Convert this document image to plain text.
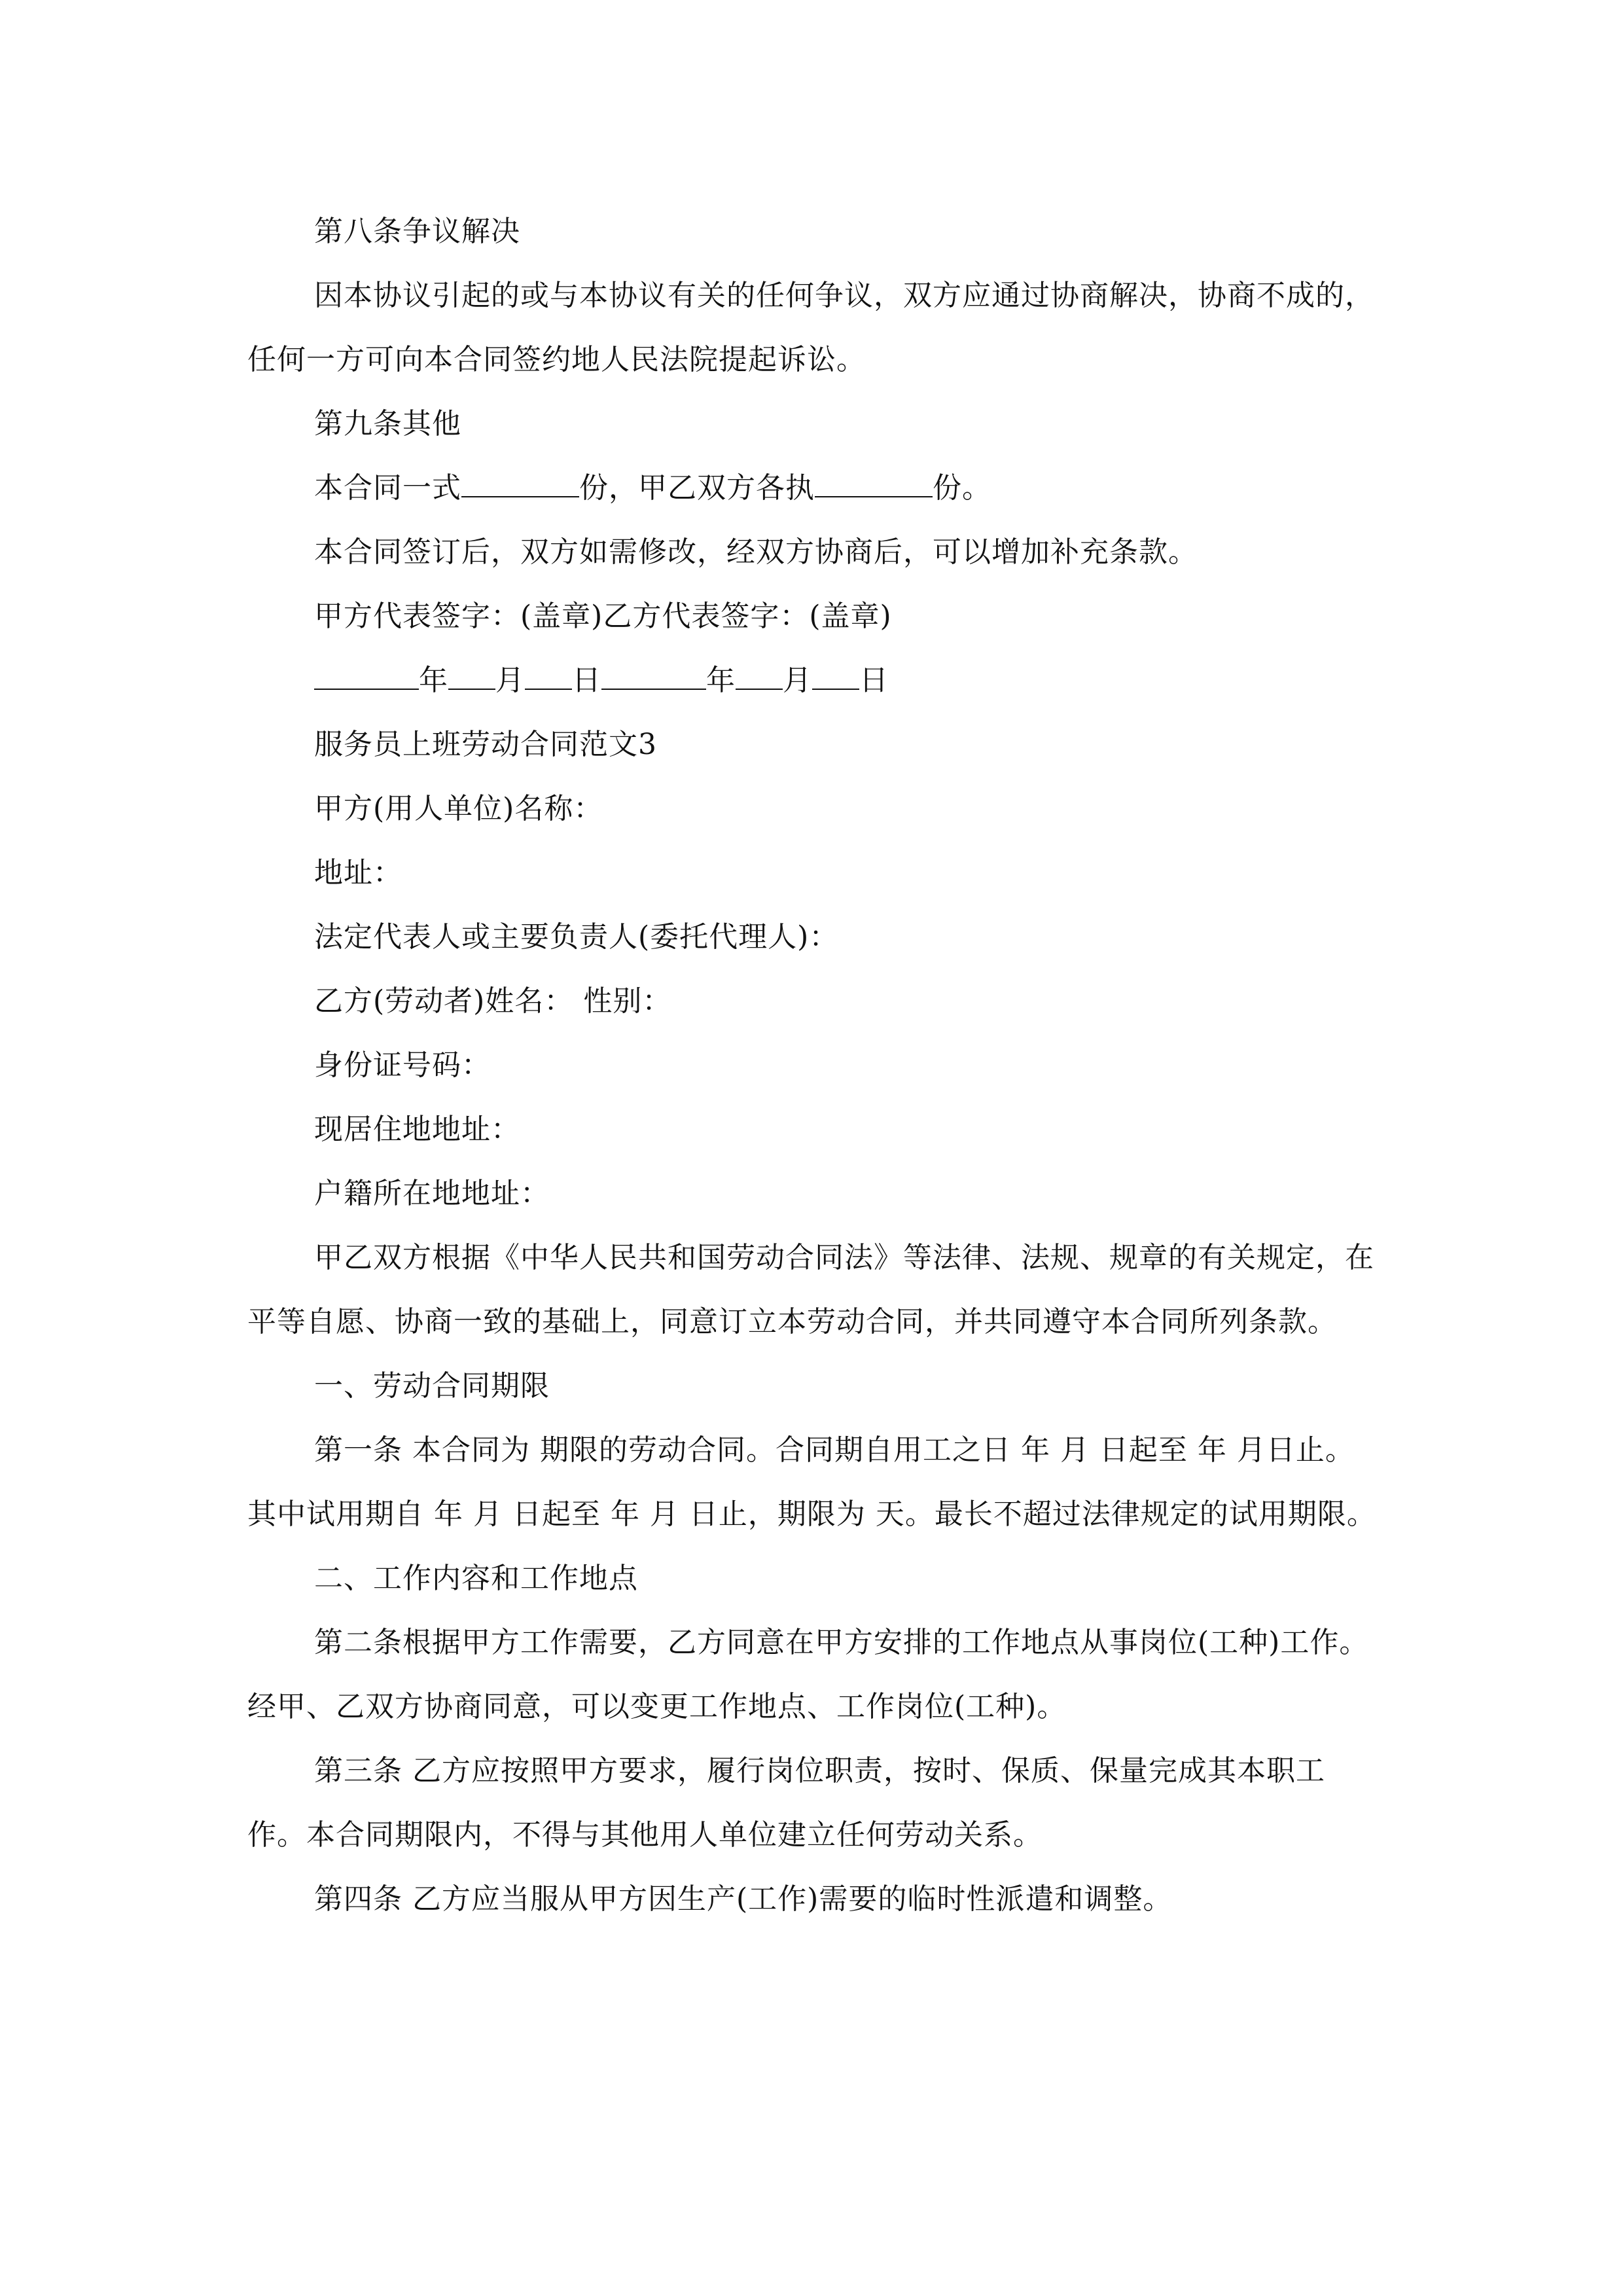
第八条争议解决

因本协议引起的或与本协议有关的任何争议，双方应通过协商解决，协商不成的，任何一方可向本合同签约地人民法院提起诉讼。

第九条其他

本合同一式	份，甲乙双方各执	份。

本合同签订后，双方如需修改，经双方协商后，可以增加补充条款。

甲方代表签字：(盖章)乙方代表签字：(盖章)

年 月 日	年 月 日

服务员上班劳动合同范文3

甲方(用人单位)名称：

地址：

法定代表人或主要负责人(委托代理人)：

乙方(劳动者)姓名： 性别：

身份证号码：

现居住地地址：

户籍所在地地址：

甲乙双方根据《中华人民共和国劳动合同法》等法律、法规、规章的有关规定，在平等自愿、协商一致的基础上，同意订立本劳动合同，并共同遵守本合同所列条款。

一、劳动合同期限

第一条 本合同为 期限的劳动合同。合同期自用工之日 年 月 日起至 年 月日止。其中试用期自 年 月 日起至 年 月 日止，期限为 天。最长不超过法律规定的试用期限。

二、工作内容和工作地点

第二条根据甲方工作需要，乙方同意在甲方安排的工作地点从事岗位(工种)工作。经甲、乙双方协商同意，可以变更工作地点、工作岗位(工种)。

第三条 乙方应按照甲方要求，履行岗位职责，按时、保质、保量完成其本职工作。本合同期限内，不得与其他用人单位建立任何劳动关系。

第四条 乙方应当服从甲方因生产(工作)需要的临时性派遣和调整。
